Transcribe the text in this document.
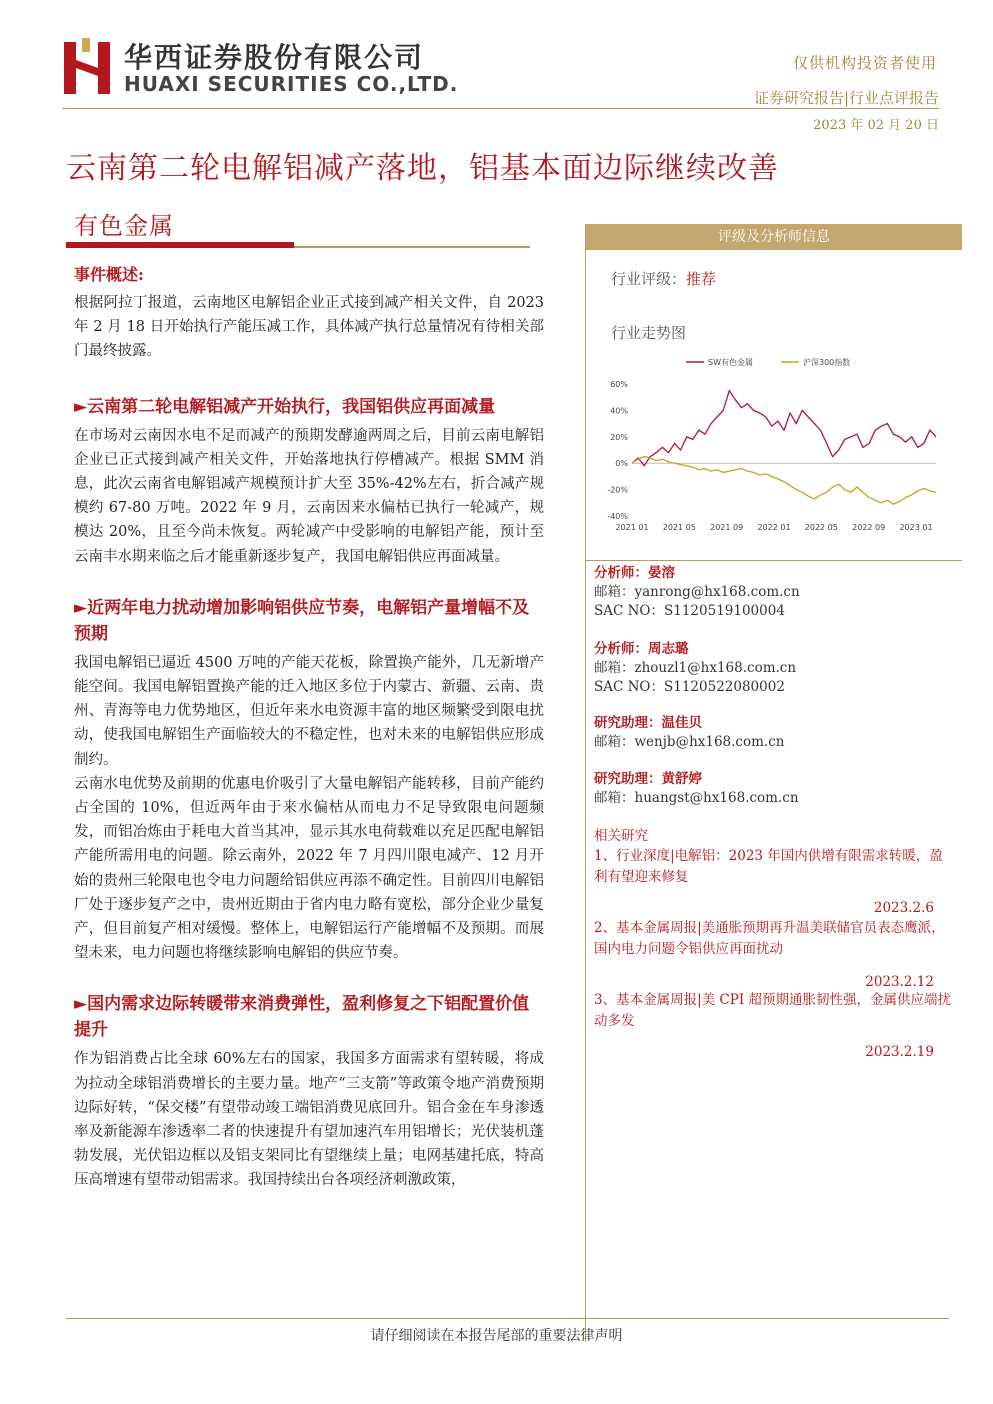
华西证券股份有限公司
HUAXI SECURITIES CO.,LTD.
仅供机构投资者使用
证券研究报告|行业点评报告
2023 年 02 月 20 日
云南第二轮电解铝减产落地，铝基本面边际继续改善
有色金属

事件概述:

根据阿拉丁报道，云南地区电解铝企业正式接到减产相关文件，自 2023 年 2 月 18 日开始执行产能压减工作，具体减产执行总量情况有待相关部门最终披露。

►云南第二轮电解铝减产开始执行，我国铝供应再面减量

在市场对云南因水电不足而减产的预期发酵逾两周之后，目前云南电解铝企业已正式接到减产相关文件，开始落地执行停槽减产。根据 SMM 消息，此次云南省电解铝减产规模预计扩大至 35%-42%左右，折合减产规模约 67-80 万吨。2022 年 9 月，云南因来水偏枯已执行一轮减产，规模达 20%，且至今尚未恢复。两轮减产中受影响的电解铝产能，预计至云南丰水期来临之后才能重新逐步复产，我国电解铝供应再面减量。

►近两年电力扰动增加影响铝供应节奏，电解铝产量增幅不及预期

我国电解铝已逼近 4500 万吨的产能天花板，除置换产能外，几无新增产能空间。我国电解铝置换产能的迁入地区多位于内蒙古、新疆、云南、贵州、青海等电力优势地区，但近年来水电资源丰富的地区频繁受到限电扰动，使我国电解铝生产面临较大的不稳定性，也对未来的电解铝供应形成制约。

云南水电优势及前期的优惠电价吸引了大量电解铝产能转移，目前产能约占全国的 10%，但近两年由于来水偏枯从而电力不足导致限电问题频发，而铝冶炼由于耗电大首当其冲，显示其水电荷载难以充足匹配电解铝产能所需用电的问题。除云南外，2022 年 7 月四川限电减产、12 月开始的贵州三轮限电也令电力问题给铝供应再添不确定性。目前四川电解铝厂处于逐步复产之中，贵州近期由于省内电力略有宽松，部分企业少量复产，但目前复产相对缓慢。整体上，电解铝运行产能增幅不及预期。而展望未来，电力问题也将继续影响电解铝的供应节奏。

►国内需求边际转暖带来消费弹性，盈利修复之下铝配置价值提升

作为铝消费占比全球 60%左右的国家，我国多方面需求有望转暖，将成为拉动全球铝消费增长的主要力量。地产“三支箭”等政策令地产消费预期边际好转，“保交楼”有望带动竣工端铝消费见底回升。铝合金在车身渗透率及新能源车渗透率二者的快速提升有望加速汽车用铝增长；光伏装机蓬勃发展，光伏铝边框以及铝支架同比有望继续上量；电网基建托底，特高压高增速有望带动铝需求。我国持续出台各项经济刺激政策，

评级及分析师信息
行业评级：推荐
行业走势图
SW有色金属	沪深300指数
60%
40%
20%
0%
-20%
-40%
2021 01 2021 05 2021 09 2022 01 2022 05 2022 09 2023 01
分析师：晏溶
邮箱：yanrong@hx168.com.cn
SAC NO：S1120519100004
分析师：周志璐
邮箱：zhouzl1@hx168.com.cn
SAC NO：S1120522080002
研究助理：温佳贝
邮箱：wenjb@hx168.com.cn
研究助理：黄舒婷
邮箱：huangst@hx168.com.cn
相关研究
1、行业深度|电解铝：2023 年国内供增有限需求转暖，盈利有望迎来修复
2023.2.6
2、基本金属周报|美通胀预期再升温美联储官员表态鹰派，国内电力问题令铝供应再面扰动
2023.2.12
3、基本金属周报|美 CPI 超预期通胀韧性强，金属供应端扰动多发
2023.2.19
请仔细阅读在本报告尾部的重要法律声明
